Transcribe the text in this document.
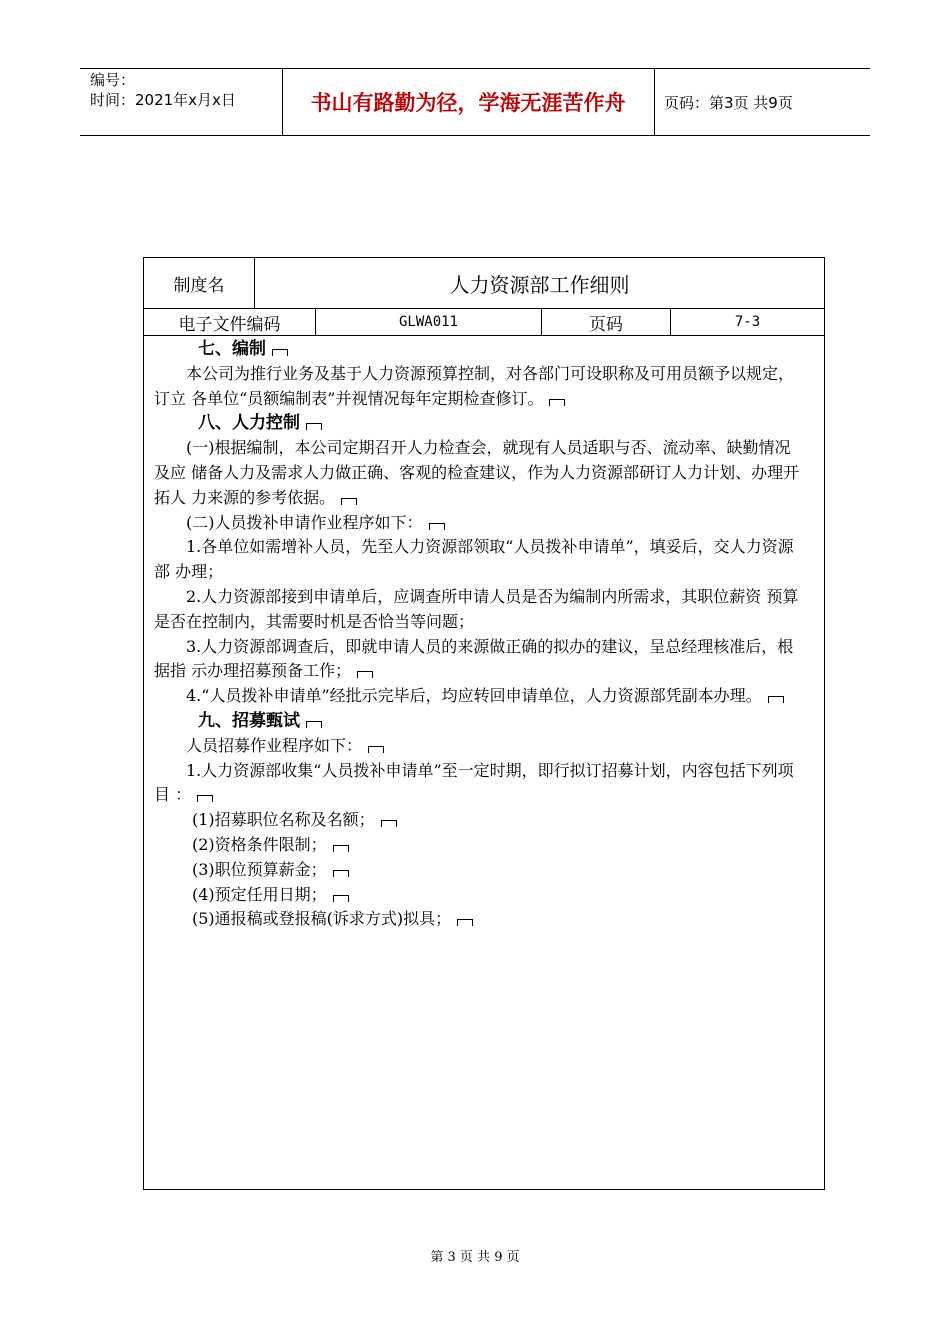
编号：
时间：2021年x月x日	书山有路勤为径，学海无涯苦作舟	页码：第3页 共9页
制度名	人力资源部工作细则
电子文件编码	GLWA011	页码	7-3

七、编制

本公司为推行业务及基于人力资源预算控制，对各部门可设职称及可用员额予以规定，订立 各单位“员额编制表”并视情况每年定期检查修订。

八、人力控制

(一)根据编制，本公司定期召开人力检查会，就现有人员适职与否、流动率、缺勤情况及应 储备人力及需求人力做正确、客观的检查建议，作为人力资源部研订人力计划、办理开拓人 力来源的参考依据。

(二)人员拨补申请作业程序如下：

1.各单位如需增补人员，先至人力资源部领取“人员拨补申请单”，填妥后，交人力资源部 办理；

2.人力资源部接到申请单后，应调查所申请人员是否为编制内所需求，其职位薪资 预算是否在控制内，其需要时机是否恰当等问题；

3.人力资源部调查后，即就申请人员的来源做正确的拟办的建议，呈总经理核准后，根据指 示办理招募预备工作；

4.“人员拨补申请单”经批示完毕后，均应转回申请单位，人力资源部凭副本办理。

九、招募甄试

人员招募作业程序如下：

1.人力资源部收集“人员拨补申请单”至一定时期，即行拟订招募计划，内容包括下列项目 ：

(1)招募职位名称及名额；

(2)资格条件限制；

(3)职位预算薪金；

(4)预定任用日期；

(5)通报稿或登报稿(诉求方式)拟具；

第 3 页 共 9 页
